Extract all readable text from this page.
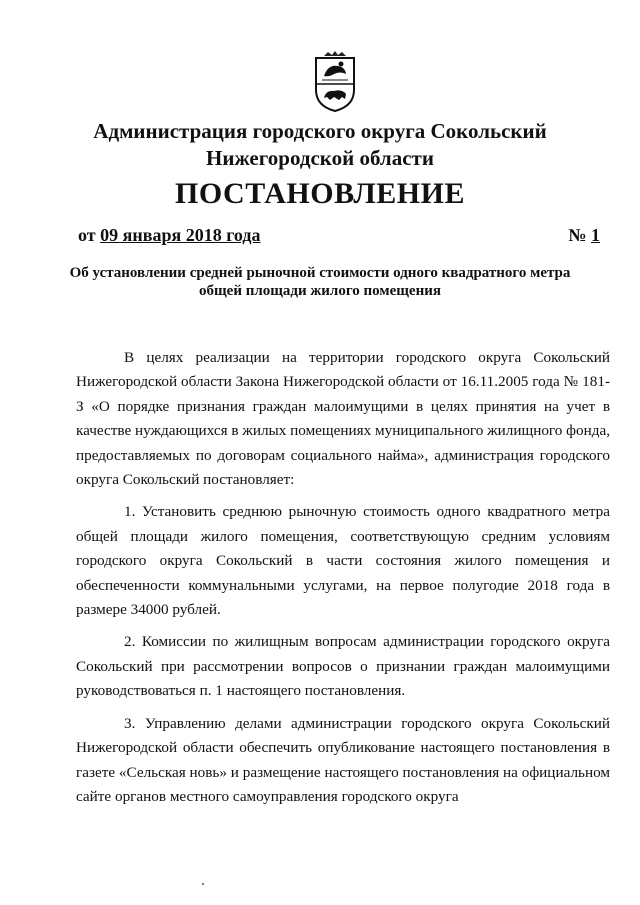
Администрация городского округа Сокольский
Нижегородской области
ПОСТАНОВЛЕНИЕ
от 09 января 2018 года	№ 1
Об установлении средней рыночной стоимости одного квадратного метра
общей площади жилого помещения

В целях реализации на территории городского округа Сокольский Нижегородской области Закона Нижегородской области от 16.11.2005 года № 181-З «О порядке признания граждан малоимущими в целях принятия на учет в качестве нуждающихся в жилых помещениях муниципального жилищного фонда, предоставляемых по договорам социального найма», администрация городского округа Сокольский постановляет:

1. Установить среднюю рыночную стоимость одного квадратного метра общей площади жилого помещения, соответствующую средним условиям городского округа Сокольский в части состояния жилого помещения и обеспеченности коммунальными услугами, на первое полугодие 2018 года в размере 34000 рублей.

2. Комиссии по жилищным вопросам администрации городского округа Сокольский при рассмотрении вопросов о признании граждан малоимущими руководствоваться п. 1 настоящего постановления.

3. Управлению делами администрации городского округа Сокольский Нижегородской области обеспечить опубликование настоящего постановления в газете «Сельская новь» и размещение настоящего постановления на официальном сайте органов местного самоуправления городского округа
